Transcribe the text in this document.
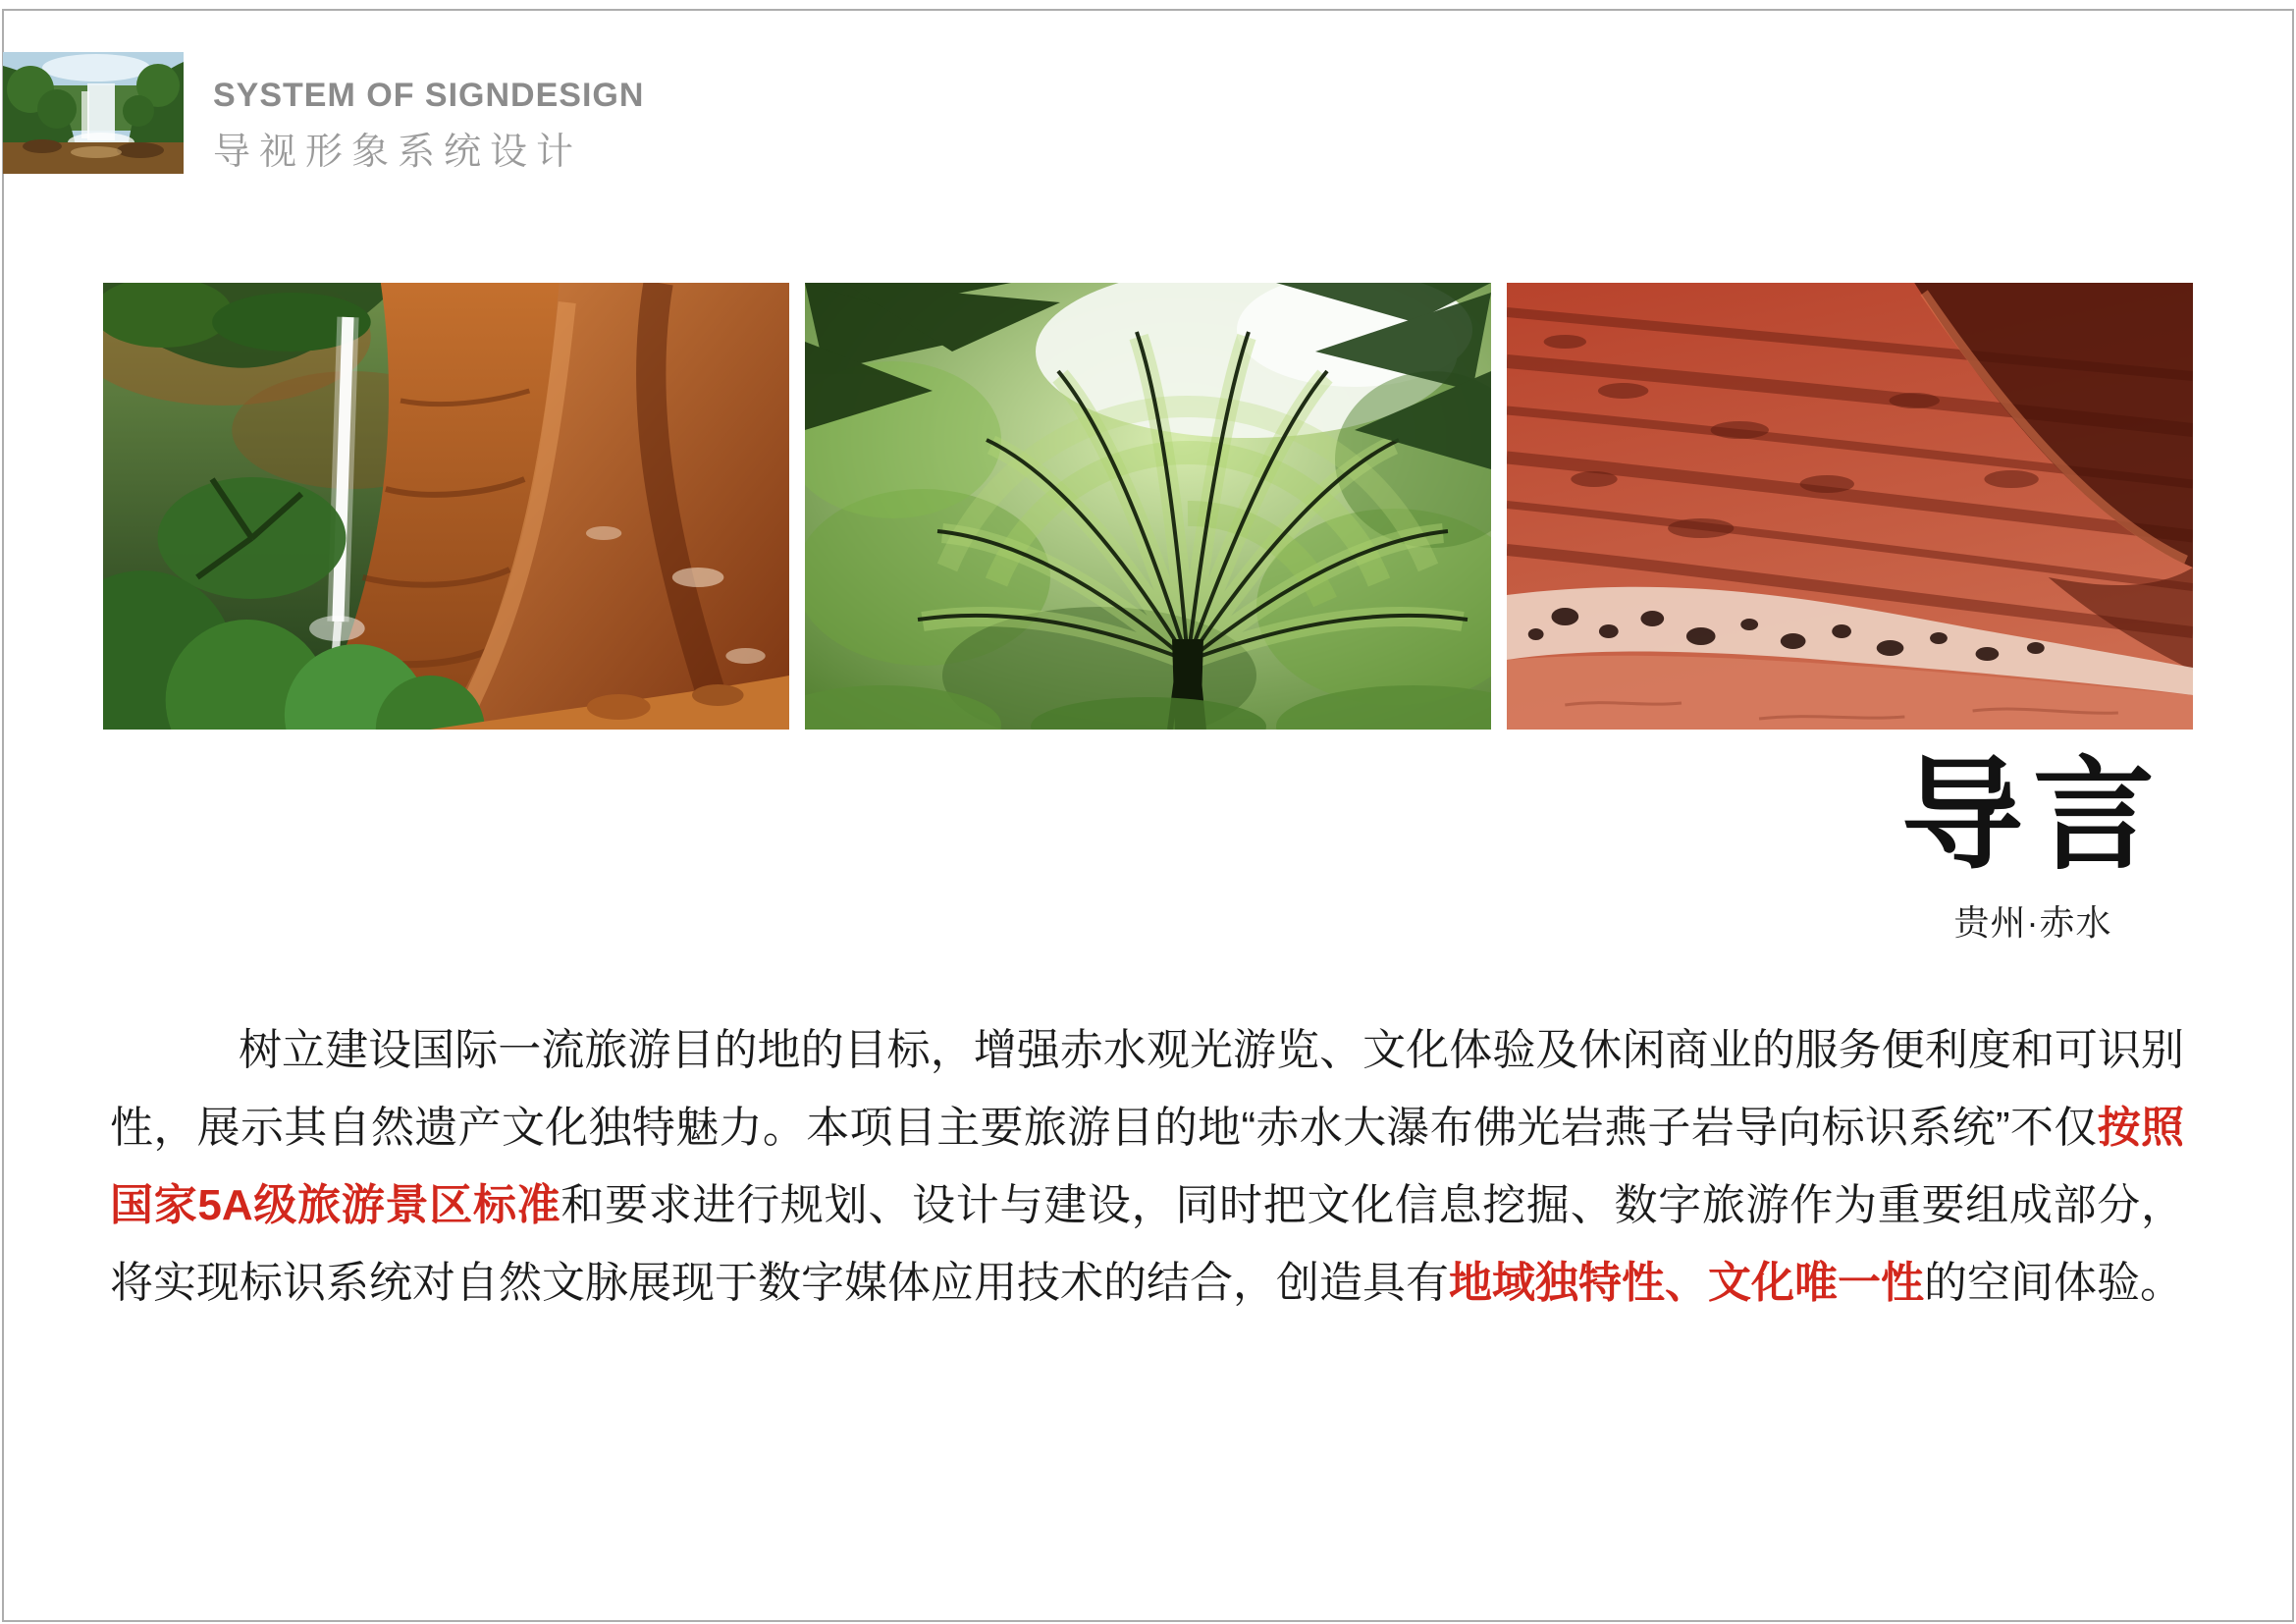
SYSTEM OF SIGNDESIGN
导视形象系统设计
导言
贵州·赤水

树立建设国际一流旅游目的地的目标，增强赤水观光游览、文化体验及休闲商业的服务便利度和可识别性，展示其自然遗产文化独特魅力。本项目主要旅游目的地“赤水大瀑布佛光岩燕子岩导向标识系统”不仅按照国家5A级旅游景区标准和要求进行规划、设计与建设，同时把文化信息挖掘、数字旅游作为重要组成部分，将实现标识系统对自然文脉展现于数字媒体应用技术的结合，创造具有地域独特性、文化唯一性的空间体验。
